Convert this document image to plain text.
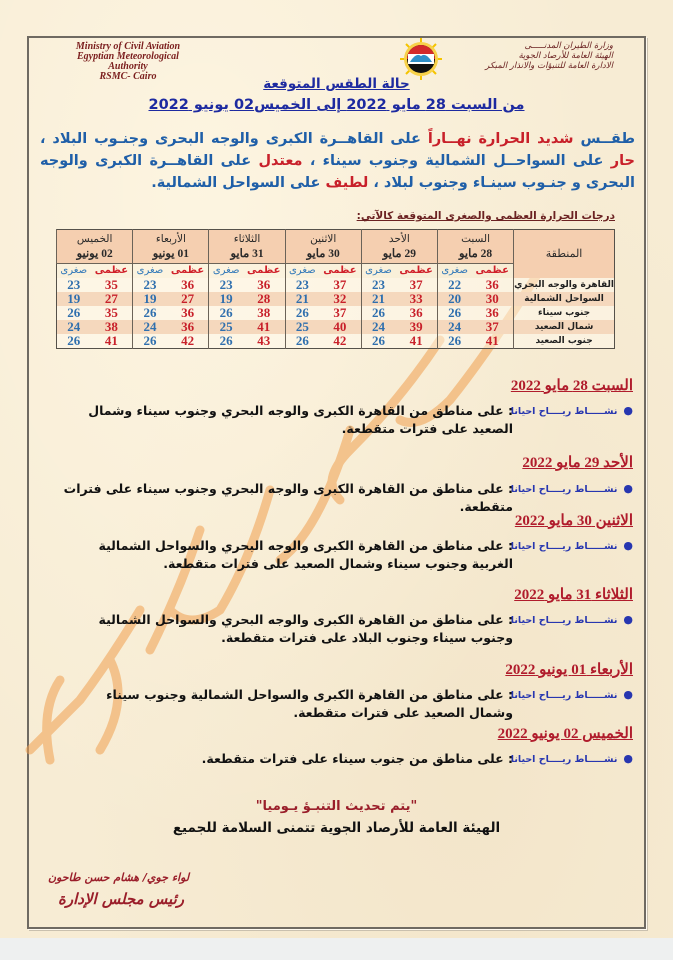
Ministry of Civil Aviation
Egyptian Meteorological Authority
RSMC- Cairo
وزارة الطيران المدنـــــى
الهيئة العامة للأرصاد الجوية
الادارة العامة للتنبؤات والانذار المبكر
حالة الطقس المتوقعة
من السبت 28 مايو 2022 إلى الخميس02 يونيو 2022
طقــس شديد الحرارة نهــاراً على القاهــرة الكبرى والوجه البحرى وجنـوب البلاد ، حار على السواحــل الشمالية وجنوب سيناء ، معتدل على القاهــرة الكبرى والوجه البحرى و جنـوب سينـاء وجنوب لبلاد ، لطيف على السواحل الشمالية.
درجات الحرارة العظمى والصغرى المتوقعة كالآتي:
المنطقة	
السبت
28 مايو

الأحد
29 مايو

الاثنين
30 مايو

الثلاثاء
31 مايو

الأربعاء
01 يونيو

الخميس
02 يونيو

	عظمى	صغرى	عظمى	صغرى	عظمى	صغرى	عظمى	صغرى	عظمى	صغرى	عظمى	صغرى
القاهرة والوجه البحري	36	22	37	23	37	23	36	23	36	23	35	23
السواحل الشمالية	30	20	33	21	32	21	28	19	27	19	27	19
جنوب سيناء	36	26	36	26	37	26	38	26	36	26	35	26
شمال الصعيد	37	24	39	24	40	25	41	25	36	24	38	24
جنوب الصعيد	41	26	41	26	42	26	43	26	42	26	41	26
السبت 28 مايو 2022
●نشـــــاط ريــــاح احيانا
: على مناطق من القاهرة الكبرى والوجه البحري وجنوب سيناء وشمال الصعيد على فترات متقطعة.
الأحد 29 مايو 2022
●نشـــــاط ريــــاح احيانا
: على مناطق من القاهرة الكبرى والوجه البحري وجنوب سيناء على فترات متقطعة.
الاثنين 30 مايو 2022
●نشـــــاط ريــــاح احيانا
: على مناطق من القاهرة الكبرى والوجه البحري والسواحل الشمالية الغربية وجنوب سيناء وشمال الصعيد على فترات متقطعة.
الثلاثاء 31 مايو 2022
●نشـــــاط ريــــاح احيانا
: على مناطق من القاهرة الكبرى والوجه البحري والسواحل الشمالية وجنوب سيناء وجنوب البلاد على فترات متقطعة.
الأربعاء 01 يونيو 2022
●نشـــــاط ريــــاح احيانا
: على مناطق من القاهرة الكبرى والسواحل الشمالية وجنوب سيناء وشمال الصعيد على فترات متقطعة.
الخميس 02 يونيو 2022
●نشـــــاط ريــــاح احيانا
: على مناطق من جنوب سيناء على فترات متقطعة.
"يتم تحديث التنبـؤ يـوميا"
الهيئة العامة للأرصاد الجوية تتمنى السلامة للجميع
لواء جوي/ هشام حسن طاحون
رئيس مجلس الإدارة
